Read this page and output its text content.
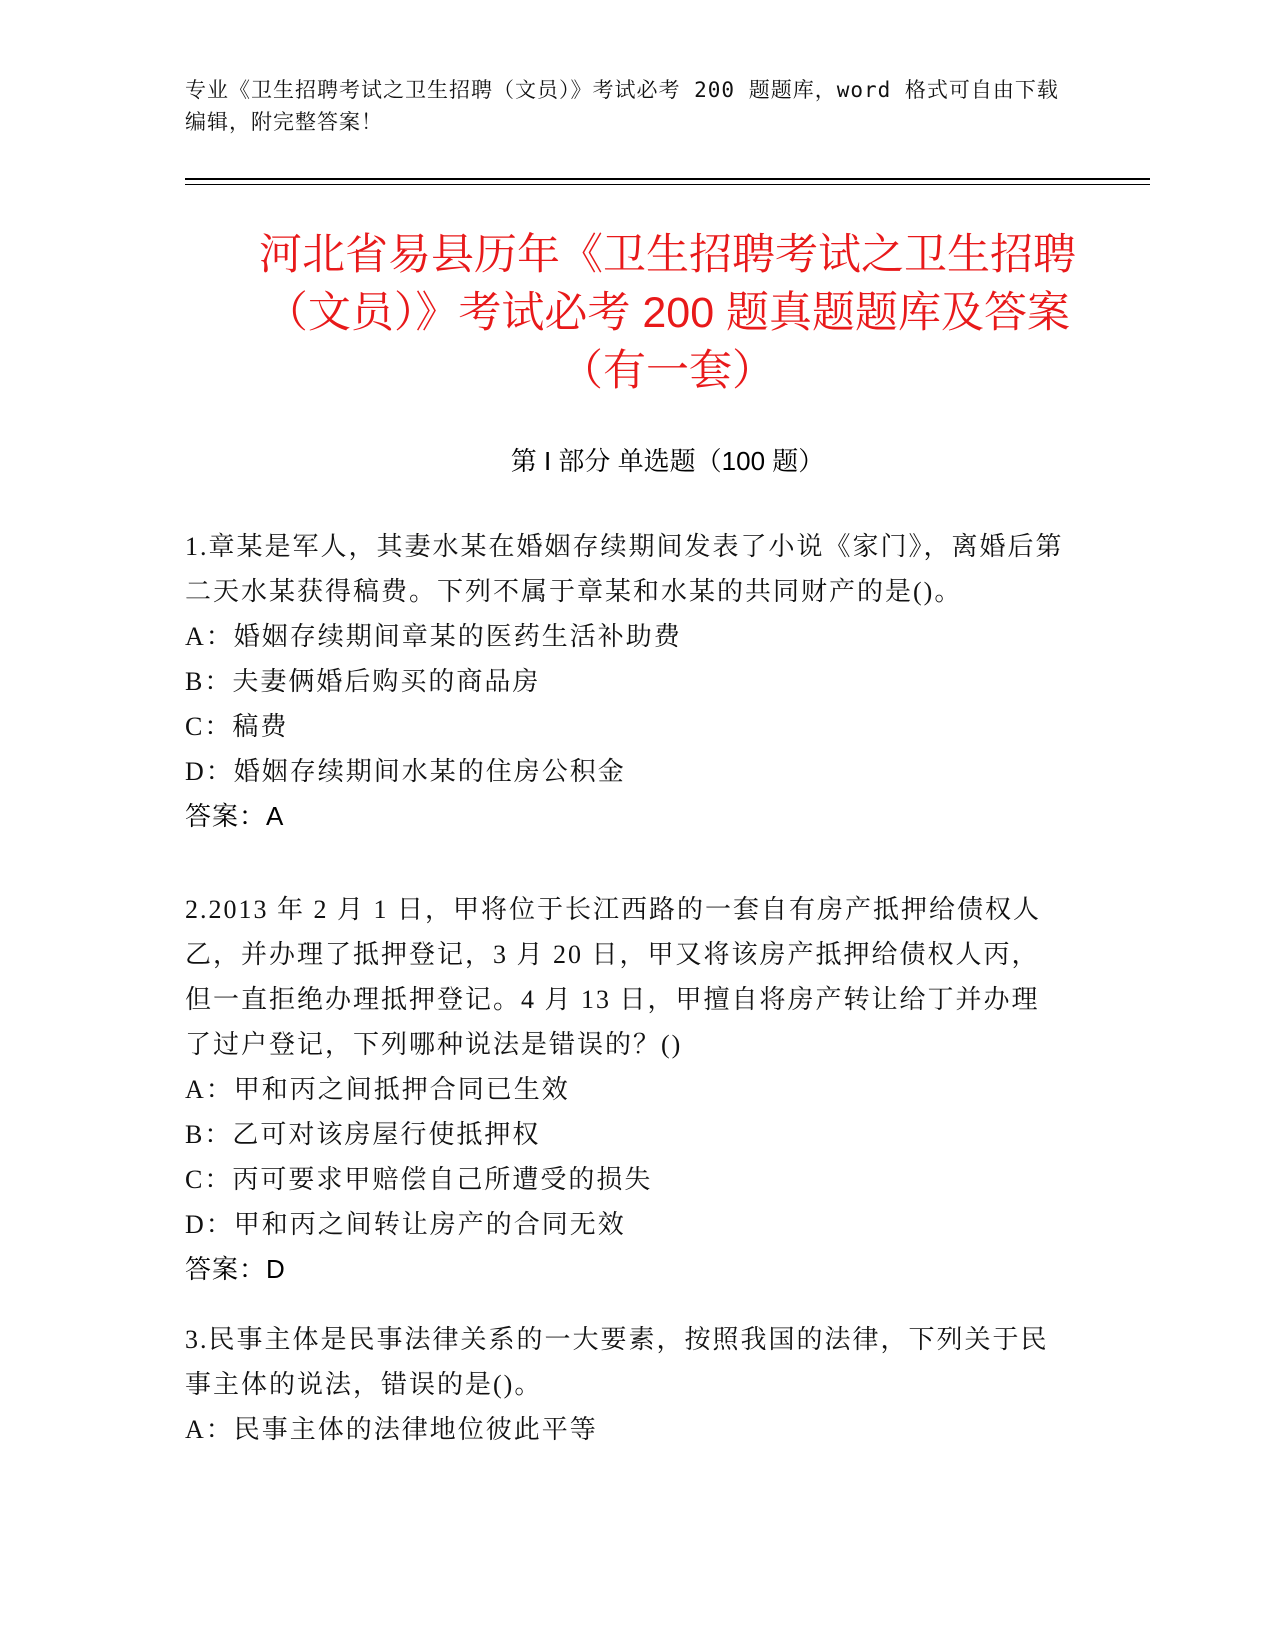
专业《卫生招聘考试之卫生招聘（文员）》考试必考 200 题题库，word 格式可自由下载编辑，附完整答案！
河北省易县历年《卫生招聘考试之卫生招聘
（文员）》考试必考 200 题真题题库及答案
（有一套）
第 I 部分 单选题（100 题）
1.章某是军人，其妻水某在婚姻存续期间发表了小说《家门》，离婚后第二天水某获得稿费。下列不属于章某和水某的共同财产的是()。
A：婚姻存续期间章某的医药生活补助费
B：夫妻俩婚后购买的商品房
C：稿费
D：婚姻存续期间水某的住房公积金
答案：A
2.2013 年 2 月 1 日，甲将位于长江西路的一套自有房产抵押给债权人乙，并办理了抵押登记，3 月 20 日，甲又将该房产抵押给债权人丙，但一直拒绝办理抵押登记。4 月 13 日，甲擅自将房产转让给丁并办理了过户登记，下列哪种说法是错误的？()
A：甲和丙之间抵押合同已生效
B：乙可对该房屋行使抵押权
C：丙可要求甲赔偿自己所遭受的损失
D：甲和丙之间转让房产的合同无效
答案：D
3.民事主体是民事法律关系的一大要素，按照我国的法律，下列关于民事主体的说法，错误的是()。
A：民事主体的法律地位彼此平等
